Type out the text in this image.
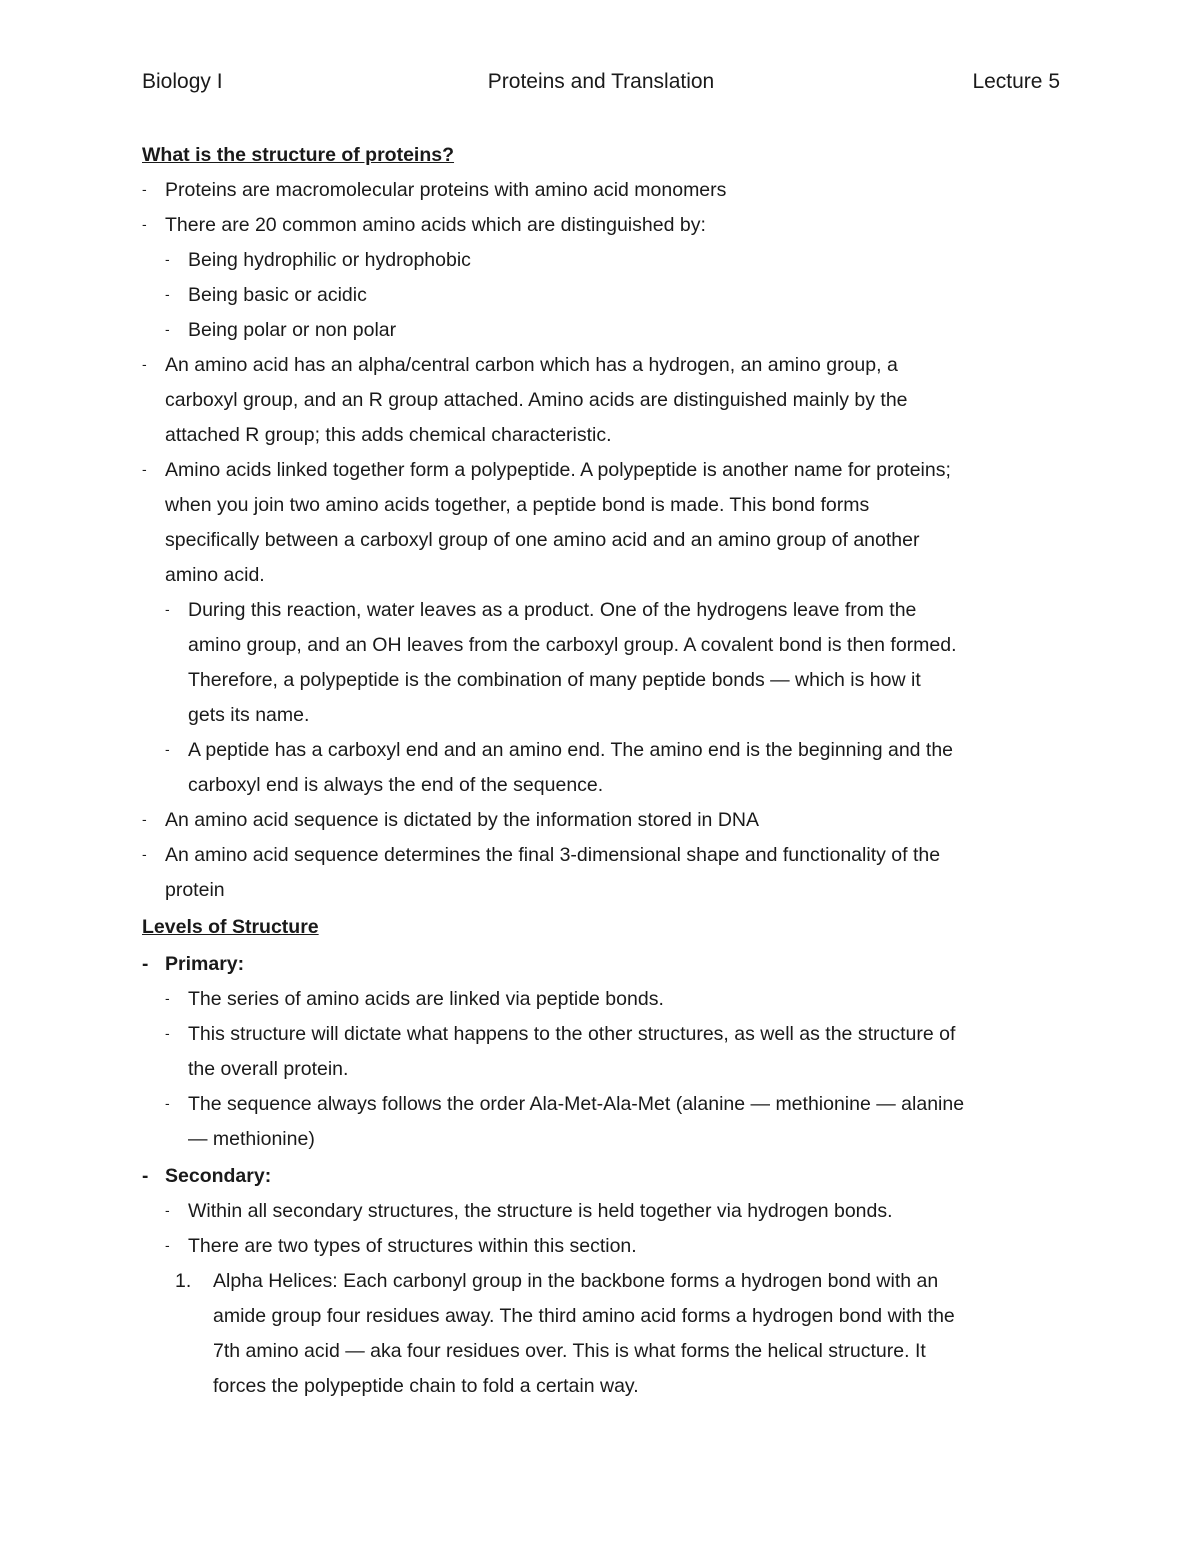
Biology I	Proteins and Translation	Lecture 5
What is the structure of proteins?
- Proteins are macromolecular proteins with amino acid monomers
- There are 20 common amino acids which are distinguished by:
- Being hydrophilic or hydrophobic
- Being basic or acidic
- Being polar or non polar
- An amino acid has an alpha/central carbon which has a hydrogen, an amino group, a
carboxyl group, and an R group attached. Amino acids are distinguished mainly by the
attached R group; this adds chemical characteristic.
- Amino acids linked together form a polypeptide. A polypeptide is another name for proteins;
when you join two amino acids together, a peptide bond is made. This bond forms
specifically between a carboxyl group of one amino acid and an amino group of another
amino acid.
- During this reaction, water leaves as a product. One of the hydrogens leave from the
amino group, and an OH leaves from the carboxyl group. A covalent bond is then formed.
Therefore, a polypeptide is the combination of many peptide bonds — which is how it
gets its name.
- A peptide has a carboxyl end and an amino end. The amino end is the beginning and the
carboxyl end is always the end of the sequence.
- An amino acid sequence is dictated by the information stored in DNA
- An amino acid sequence determines the final 3-dimensional shape and functionality of the
protein
Levels of Structure
- Primary:
- The series of amino acids are linked via peptide bonds.
- This structure will dictate what happens to the other structures, as well as the structure of
the overall protein.
- The sequence always follows the order Ala-Met-Ala-Met (alanine — methionine — alanine
— methionine)
- Secondary:
- Within all secondary structures, the structure is held together via hydrogen bonds.
- There are two types of structures within this section.
1. Alpha Helices: Each carbonyl group in the backbone forms a hydrogen bond with an
amide group four residues away. The third amino acid forms a hydrogen bond with the
7th amino acid — aka four residues over. This is what forms the helical structure. It
forces the polypeptide chain to fold a certain way.
